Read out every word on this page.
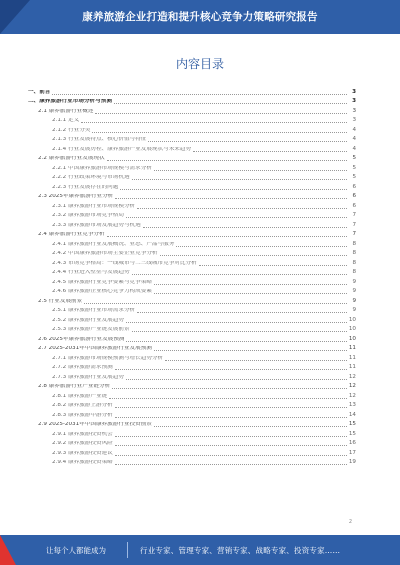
康养旅游企业打造和提升核心竞争力策略研究报告
内容目录
一、前言	3
二、康养旅游行业市场分析与预测	3
2.1 康养旅游行业概述	3
2.1.1 定义	3
2.1.2 行业分类	4
2.1.3 行业发展特点、核心价值与特征	4
2.1.4 行业发展历程、康养旅游产业发展现状与未来趋势	4
2.2 康养旅游行业发展现状	5
2.2.1 中国康养旅游市场规模与需求分析	5
2.2.2 行业政策环境与市场机遇	5
2.2.3 行业发展存在的问题	6
2.3 2025年康养旅游行业分析	6
2.3.1 康养旅游行业市场规模分析	6
2.3.2 康养旅游市场竞争格局	7
2.3.3 康养旅游市场发展趋势与机遇	7
2.4 康养旅游行业竞争分析	7
2.4.1 康养旅游行业发展概况、业态、产品与服务	8
2.4.2 中国康养旅游市场主要企业竞争分析	8
2.4.3 市场竞争格局：一线城市与二三线城市竞争对比分析	8
2.4.4 行业进入壁垒与发展趋势	8
2.4.5 康养旅游行业竞争要素与竞争策略	9
2.4.6 康养旅游企业核心竞争力构成要素	9
2.5 行业发展前景	9
2.5.1 康养旅游行业市场需求分析	9
2.5.2 康养旅游行业发展趋势	10
2.5.3 康养旅游产业链发展前景	10
2.6 2025年康养旅游行业发展预测	10
2.7 2025-2031年中国康养旅游行业发展预测	11
2.7.1 康养旅游市场规模预测与增长趋势分析	11
2.7.2 康养旅游需求预测	11
2.7.3 康养旅游行业发展趋势	12
2.8 康养旅游行业产业链分析	12
2.8.1 康养旅游产业链	12
2.8.2 康养旅游上游分析	13
2.8.3 康养旅游中游分析	14
2.9 2025-2031年中国康养旅游行业投资前景	15
2.9.1 康养旅游投资机会	15
2.9.2 康养旅游投资风险	16
2.9.3 康养旅游投资建议	17
2.9.4 康养旅游投资策略	19
2
让每个人都能成为	行业专家、管理专家、营销专家、战略专家、投资专家……
